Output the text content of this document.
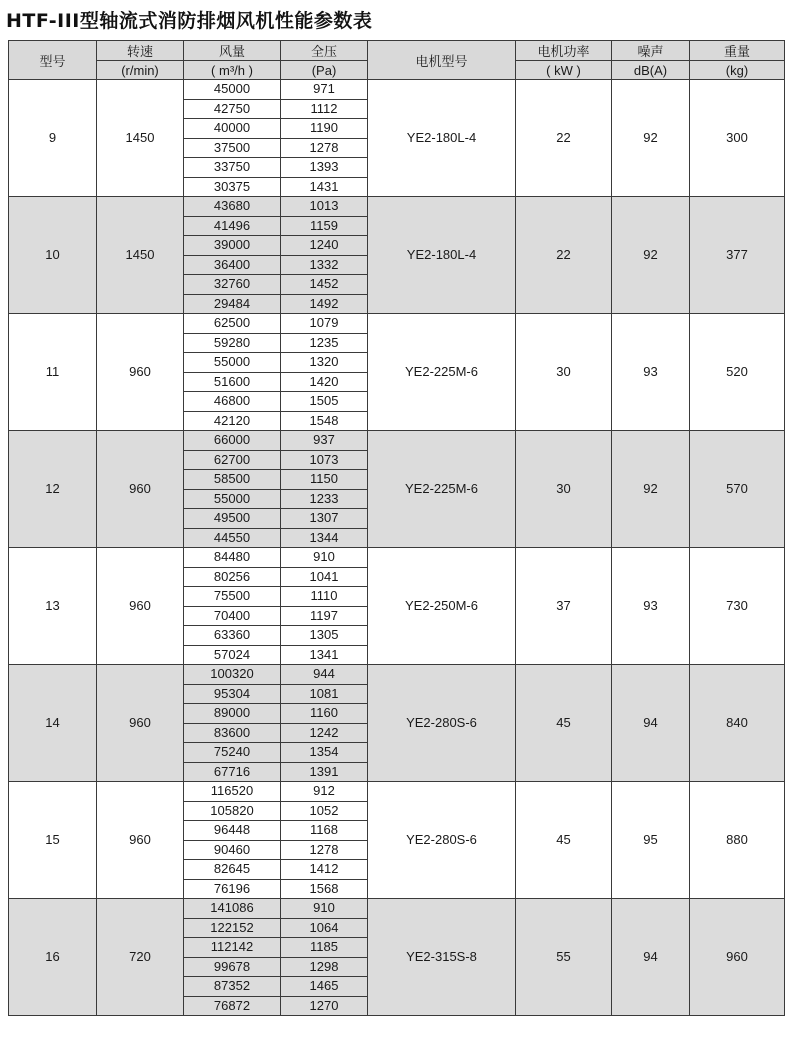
HTF-III型轴流式消防排烟风机性能参数表
型号	转速	风量	全压	电机型号	电机功率	噪声	重量
	(r/min)	( m³/h )	(Pa)		( kW )	dB(A)	(kg)
9	1450	45000	971	YE2-180L-4	22	92	300
		42750	1112				
		40000	1190				
		37500	1278				
		33750	1393				
		30375	1431				
10	1450	43680	1013	YE2-180L-4	22	92	377
		41496	1159				
		39000	1240				
		36400	1332				
		32760	1452				
		29484	1492				
11	960	62500	1079	YE2-225M-6	30	93	520
		59280	1235				
		55000	1320				
		51600	1420				
		46800	1505				
		42120	1548				
12	960	66000	937	YE2-225M-6	30	92	570
		62700	1073				
		58500	1150				
		55000	1233				
		49500	1307				
		44550	1344				
13	960	84480	910	YE2-250M-6	37	93	730
		80256	1041				
		75500	1110				
		70400	1197				
		63360	1305				
		57024	1341				
14	960	100320	944	YE2-280S-6	45	94	840
		95304	1081				
		89000	1160				
		83600	1242				
		75240	1354				
		67716	1391				
15	960	116520	912	YE2-280S-6	45	95	880
		105820	1052				
		96448	1168				
		90460	1278				
		82645	1412				
		76196	1568				
16	720	141086	910	YE2-315S-8	55	94	960
		122152	1064				
		112142	1185				
		99678	1298				
		87352	1465				
		76872	1270				
